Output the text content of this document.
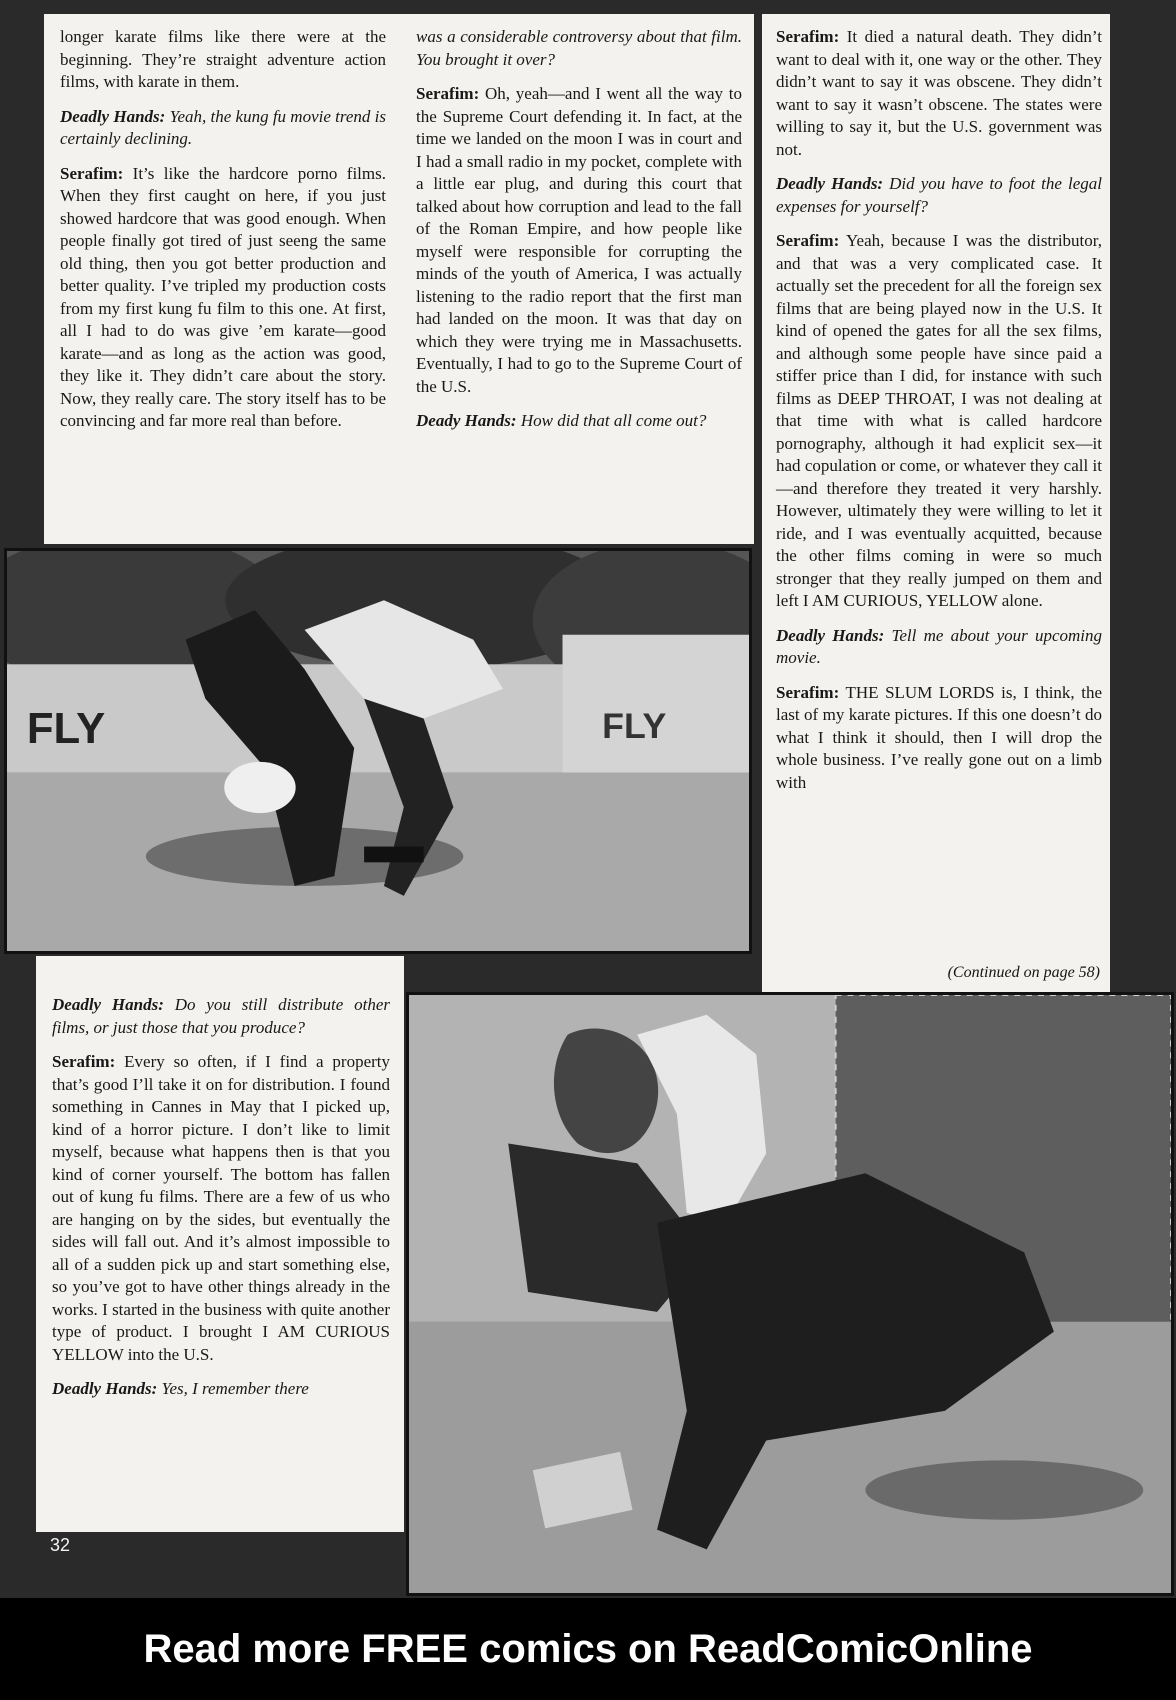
longer karate films like there were at the beginning. They’re straight adventure action films, with karate in them.

Deadly Hands: Yeah, the kung fu movie trend is certainly declining.

Serafim: It’s like the hardcore porno films. When they first caught on here, if you just showed hardcore that was good enough. When people finally got tired of just seeng the same old thing, then you got better production and better quality. I’ve tripled my production costs from my first kung fu film to this one. At first, all I had to do was give ’em karate—good karate—and as long as the action was good, they like it. They didn’t care about the story. Now, they really care. The story itself has to be convincing and far more real than before.

was a considerable controversy about that film. You brought it over?

Serafim: Oh, yeah—and I went all the way to the Supreme Court defending it. In fact, at the time we landed on the moon I was in court and I had a small radio in my pocket, complete with a little ear plug, and during this court that talked about how corruption and lead to the fall of the Roman Empire, and how people like myself were responsible for corrupting the minds of the youth of America, I was actually listening to the radio report that the first man had landed on the moon. It was that day on which they were trying me in Massachusetts. Eventually, I had to go to the Supreme Court of the U.S.

Deady Hands: How did that all come out?

Serafim: It died a natural death. They didn’t want to deal with it, one way or the other. They didn’t want to say it was obscene. They didn’t want to say it wasn’t obscene. The states were willing to say it, but the U.S. government was not.

Deadly Hands: Did you have to foot the legal expenses for yourself?

Serafim: Yeah, because I was the distributor, and that was a very complicated case. It actually set the precedent for all the foreign sex films that are being played now in the U.S. It kind of opened the gates for all the sex films, and although some people have since paid a stiffer price than I did, for instance with such films as DEEP THROAT, I was not dealing at that time with what is called hardcore pornography, although it had explicit sex—it had copulation or come, or whatever they call it—and therefore they treated it very harshly. However, ultimately they were willing to let it ride, and I was eventually acquitted, because the other films coming in were so much stronger that they really jumped on them and left I AM CURIOUS, YELLOW alone.

Deadly Hands: Tell me about your upcoming movie.

Serafim: THE SLUM LORDS is, I think, the last of my karate pictures. If this one doesn’t do what I think it should, then I will drop the whole business. I’ve really gone out on a limb with

(Continued on page 58)
FLY	FLY

Deadly Hands: Do you still distribute other films, or just those that you produce?

Serafim: Every so often, if I find a property that’s good I’ll take it on for distribution. I found something in Cannes in May that I picked up, kind of a horror picture. I don’t like to limit myself, because what happens then is that you kind of corner yourself. The bottom has fallen out of kung fu films. There are a few of us who are hanging on by the sides, but eventually the sides will fall out. And it’s almost impossible to all of a sudden pick up and start something else, so you’ve got to have other things already in the works. I started in the business with quite another type of product. I brought I AM CURIOUS YELLOW into the U.S.

Deadly Hands: Yes, I remember there

32
Read more FREE comics on ReadComicOnline
